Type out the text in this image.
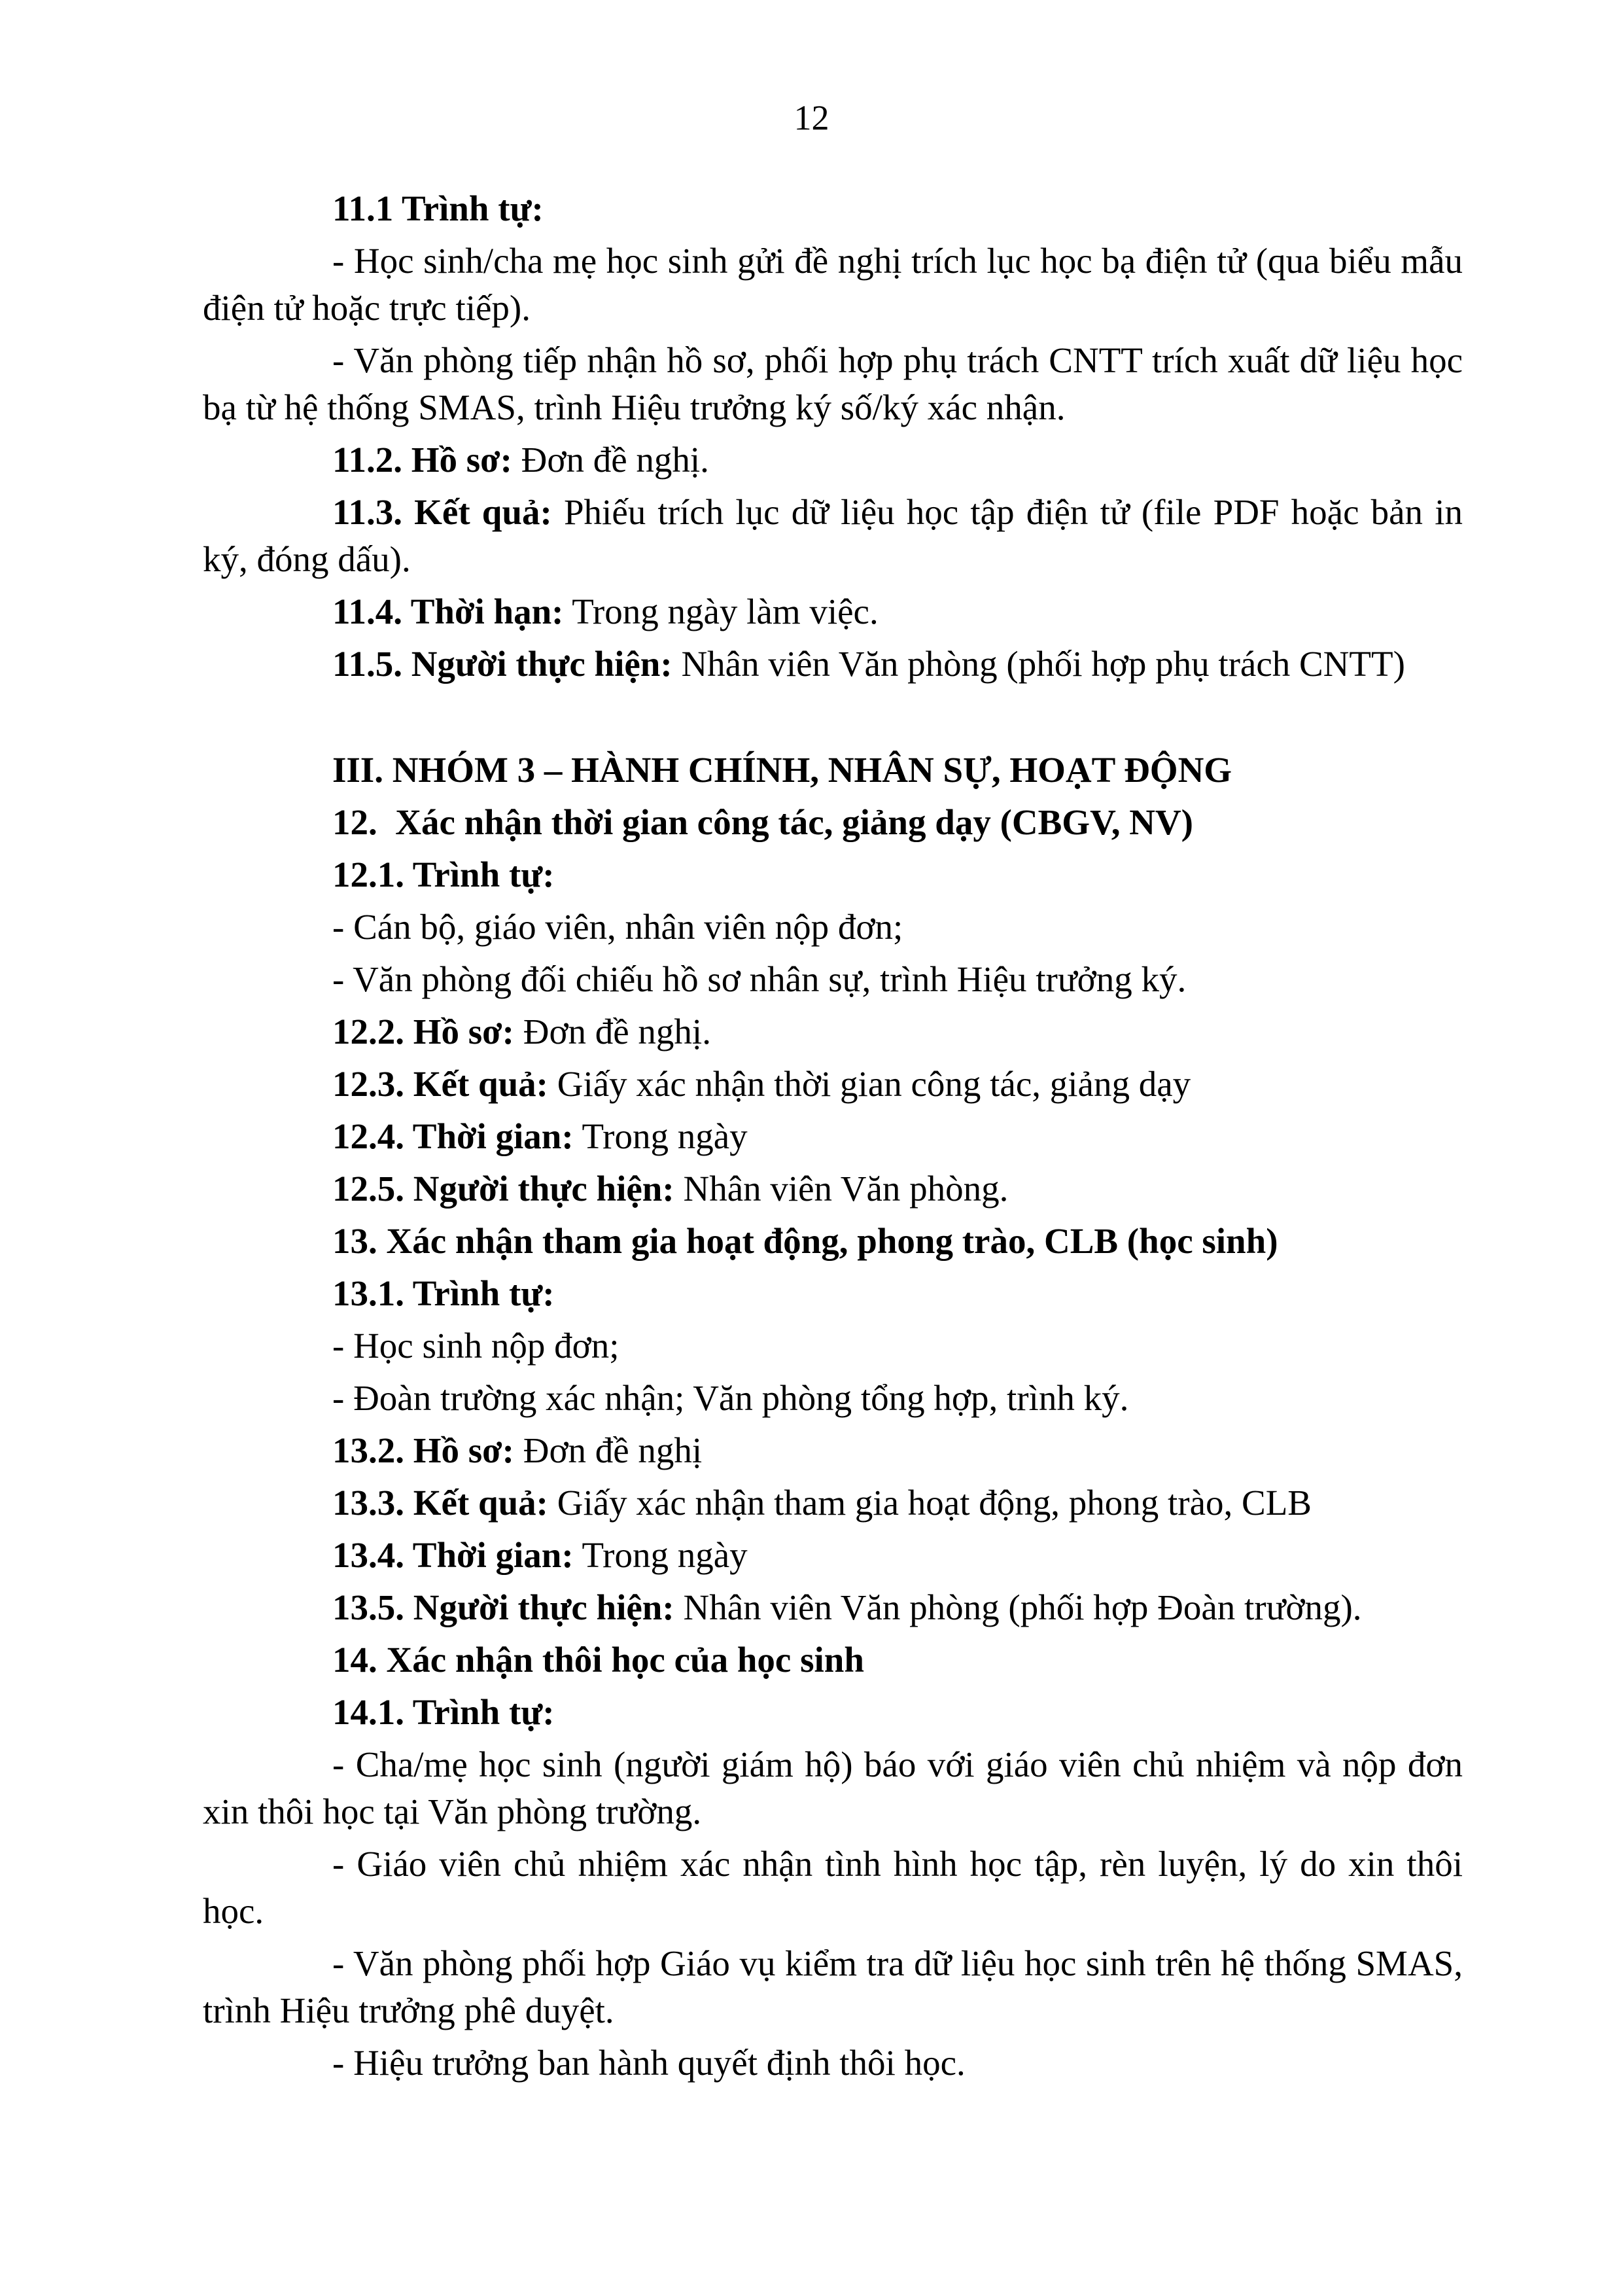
12

11.1 Trình tự:

- Học sinh/cha mẹ học sinh gửi đề nghị trích lục học bạ điện tử (qua biểu mẫu điện tử hoặc trực tiếp).

- Văn phòng tiếp nhận hồ sơ, phối hợp phụ trách CNTT trích xuất dữ liệu học bạ từ hệ thống SMAS, trình Hiệu trưởng ký số/ký xác nhận.

11.2. Hồ sơ: Đơn đề nghị.

11.3. Kết quả: Phiếu trích lục dữ liệu học tập điện tử (file PDF hoặc bản in ký, đóng dấu).

11.4. Thời hạn: Trong ngày làm việc.

11.5. Người thực hiện: Nhân viên Văn phòng (phối hợp phụ trách CNTT)

III. NHÓM 3 – HÀNH CHÍNH, NHÂN SỰ, HOẠT ĐỘNG

12.  Xác nhận thời gian công tác, giảng dạy (CBGV, NV)

12.1. Trình tự:

- Cán bộ, giáo viên, nhân viên nộp đơn;

- Văn phòng đối chiếu hồ sơ nhân sự, trình Hiệu trưởng ký.

12.2. Hồ sơ: Đơn đề nghị.

12.3. Kết quả: Giấy xác nhận thời gian công tác, giảng dạy

12.4. Thời gian: Trong ngày

12.5. Người thực hiện: Nhân viên Văn phòng.

13. Xác nhận tham gia hoạt động, phong trào, CLB (học sinh)

13.1. Trình tự:

- Học sinh nộp đơn;

- Đoàn trường xác nhận; Văn phòng tổng hợp, trình ký.

13.2. Hồ sơ: Đơn đề nghị

13.3. Kết quả: Giấy xác nhận tham gia hoạt động, phong trào, CLB

13.4. Thời gian: Trong ngày

13.5. Người thực hiện: Nhân viên Văn phòng (phối hợp Đoàn trường).

14. Xác nhận thôi học của học sinh

14.1. Trình tự:

- Cha/mẹ học sinh (người giám hộ) báo với giáo viên chủ nhiệm và nộp đơn xin thôi học tại Văn phòng trường.

- Giáo viên chủ nhiệm xác nhận tình hình học tập, rèn luyện, lý do xin thôi học.

- Văn phòng phối hợp Giáo vụ kiểm tra dữ liệu học sinh trên hệ thống SMAS, trình Hiệu trưởng phê duyệt.

- Hiệu trưởng ban hành quyết định thôi học.
